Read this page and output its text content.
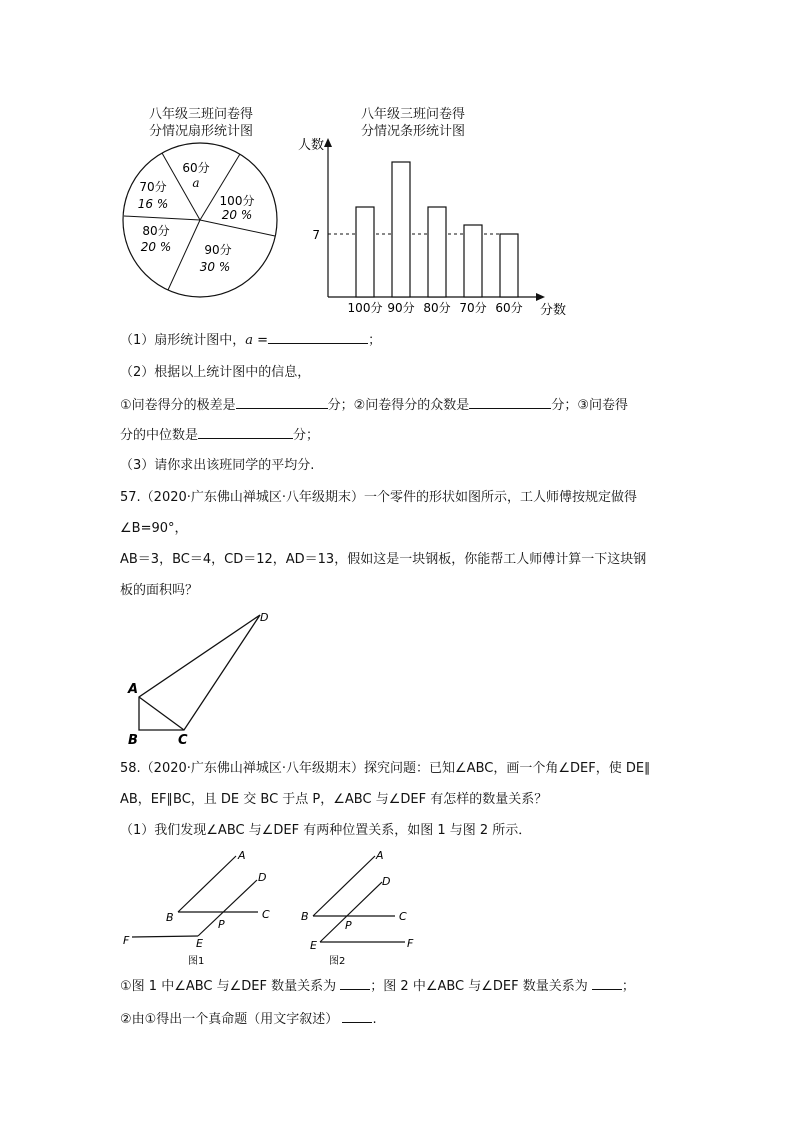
八年级三班问卷得
分情况扇形统计图
60分
a
100分
20 %
90分
30 %
80分
20 %
70分
16 %
八年级三班问卷得
分情况条形统计图
人数
分数
7
100分 90分 80分 70分 60分
（1）扇形统计图中，a =	；
（2）根据以上统计图中的信息，
①问卷得分的极差是	分；②问卷得分的众数是	分；③问卷得
分的中位数是	分；
（3）请你求出该班同学的平均分.
57.（2020·广东佛山禅城区·八年级期末）一个零件的形状如图所示，工人师傅按规定做得
∠B=90°，
AB＝3，BC＝4，CD＝12，AD＝13，假如这是一块钢板，你能帮工人师傅计算一下这块钢
板的面积吗？
A
B	C
D
58.（2020·广东佛山禅城区·八年级期末）探究问题：已知∠ABC，画一个角∠DEF，使 DE∥
AB，EF∥BC，且 DE 交 BC 于点 P，∠ABC 与∠DEF 有怎样的数量关系？
（1）我们发现∠ABC 与∠DEF 有两种位置关系，如图 1 与图 2 所示．
A
D
B	C
P
E
F
图1
A
D
B	C
P
E	F
图2
①图 1 中∠ABC 与∠DEF 数量关系为	；图 2 中∠ABC 与∠DEF 数量关系为	；
②由①得出一个真命题（用文字叙述）	.
